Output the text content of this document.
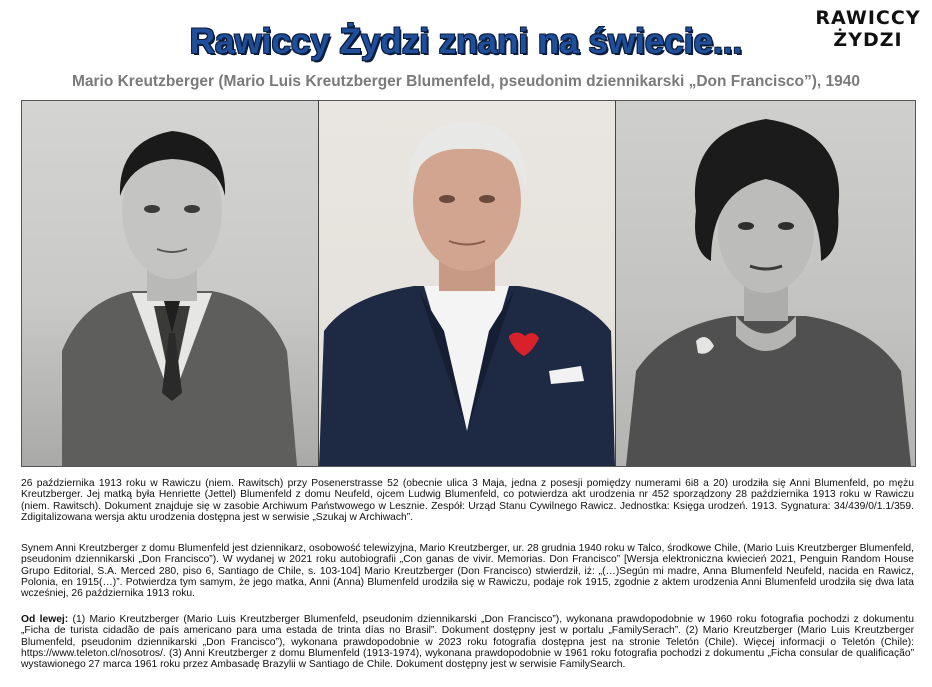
Rawiccy Żydzi znani na świecie...
RAWICCY
ŻYDZI
Mario Kreutzberger (Mario Luis Kreutzberger Blumenfeld, pseudonim dziennikarski „Don Francisco”), 1940
26 października 1913 roku w Rawiczu (niem. Rawitsch) przy Posenerstrasse 52 (obecnie ulica 3 Maja, jedna z posesji pomiędzy numerami 6i8 a 20) urodziła się Anni Blumenfeld, po mężu Kreutzberger. Jej matką była Henriette (Jettel) Blumenfeld z domu Neufeld, ojcem Ludwig Blumenfeld, co potwierdza akt urodzenia nr 452 sporządzony 28 października 1913 roku w Rawiczu (niem. Rawitsch). Dokument znajduje się w zasobie Archiwum Państwowego w Lesznie. Zespół: Urząd Stanu Cywilnego Rawicz. Jednostka: Księga urodzeń. 1913. Sygnatura: 34/439/0/1.1/359. Zdigitalizowana wersja aktu urodzenia dostępna jest w serwisie „Szukaj w Archiwach”.
Synem Anni Kreutzberger z domu Blumenfeld jest dziennikarz, osobowość telewizyjna, Mario Kreutzberger, ur. 28 grudnia 1940 roku w Talco, środkowe Chile, (Mario Luis Kreutzberger Blumenfeld, pseudonim dziennikarski „Don Francisco”). W wydanej w 2021 roku autobiografii „Con ganas de vivir. Memorias. Don Francisco” [Wersja elektroniczna kwiecień 2021, Penguin Random House Grupo Editorial, S.A. Merced 280, piso 6, Santiago de Chile, s. 103-104] Mario Kreutzberger (Don Francisco) stwierdził, iż: „(…)Según mi madre, Anna Blumenfeld Neufeld, nacida en Rawicz, Polonia, en 1915(…)”. Potwierdza tym samym, że jego matka, Anni (Anna) Blumenfeld urodziła się w Rawiczu, podaje rok 1915, zgodnie z aktem urodzenia Anni Blumenfeld urodziła się dwa lata wcześniej, 26 października 1913 roku.
Od lewej: (1) Mario Kreutzberger (Mario Luis Kreutzberger Blumenfeld, pseudonim dziennikarski „Don Francisco”), wykonana prawdopodobnie w 1960 roku fotografia pochodzi z dokumentu „Ficha de turista cidadão de país americano para uma estada de trinta días no Brasil”. Dokument dostępny jest w portalu „FamilySerach”. (2) Mario Kreutzberger (Mario Luis Kreutzberger Blumenfeld, pseudonim dziennikarski „Don Francisco”), wykonana prawdopodobnie w 2023 roku fotografia dostępna jest na stronie Teletón (Chile). Więcej informacji o Teletón (Chile): https://www.teleton.cl/nosotros/. (3) Anni Kreutzberger z domu Blumenfeld (1913-1974), wykonana prawdopodobnie w 1961 roku fotografia pochodzi z dokumentu „Ficha consular de qualificação” wystawionego 27 marca 1961 roku przez Ambasadę Brazylii w Santiago de Chile. Dokument dostępny jest w serwisie FamilySearch.
